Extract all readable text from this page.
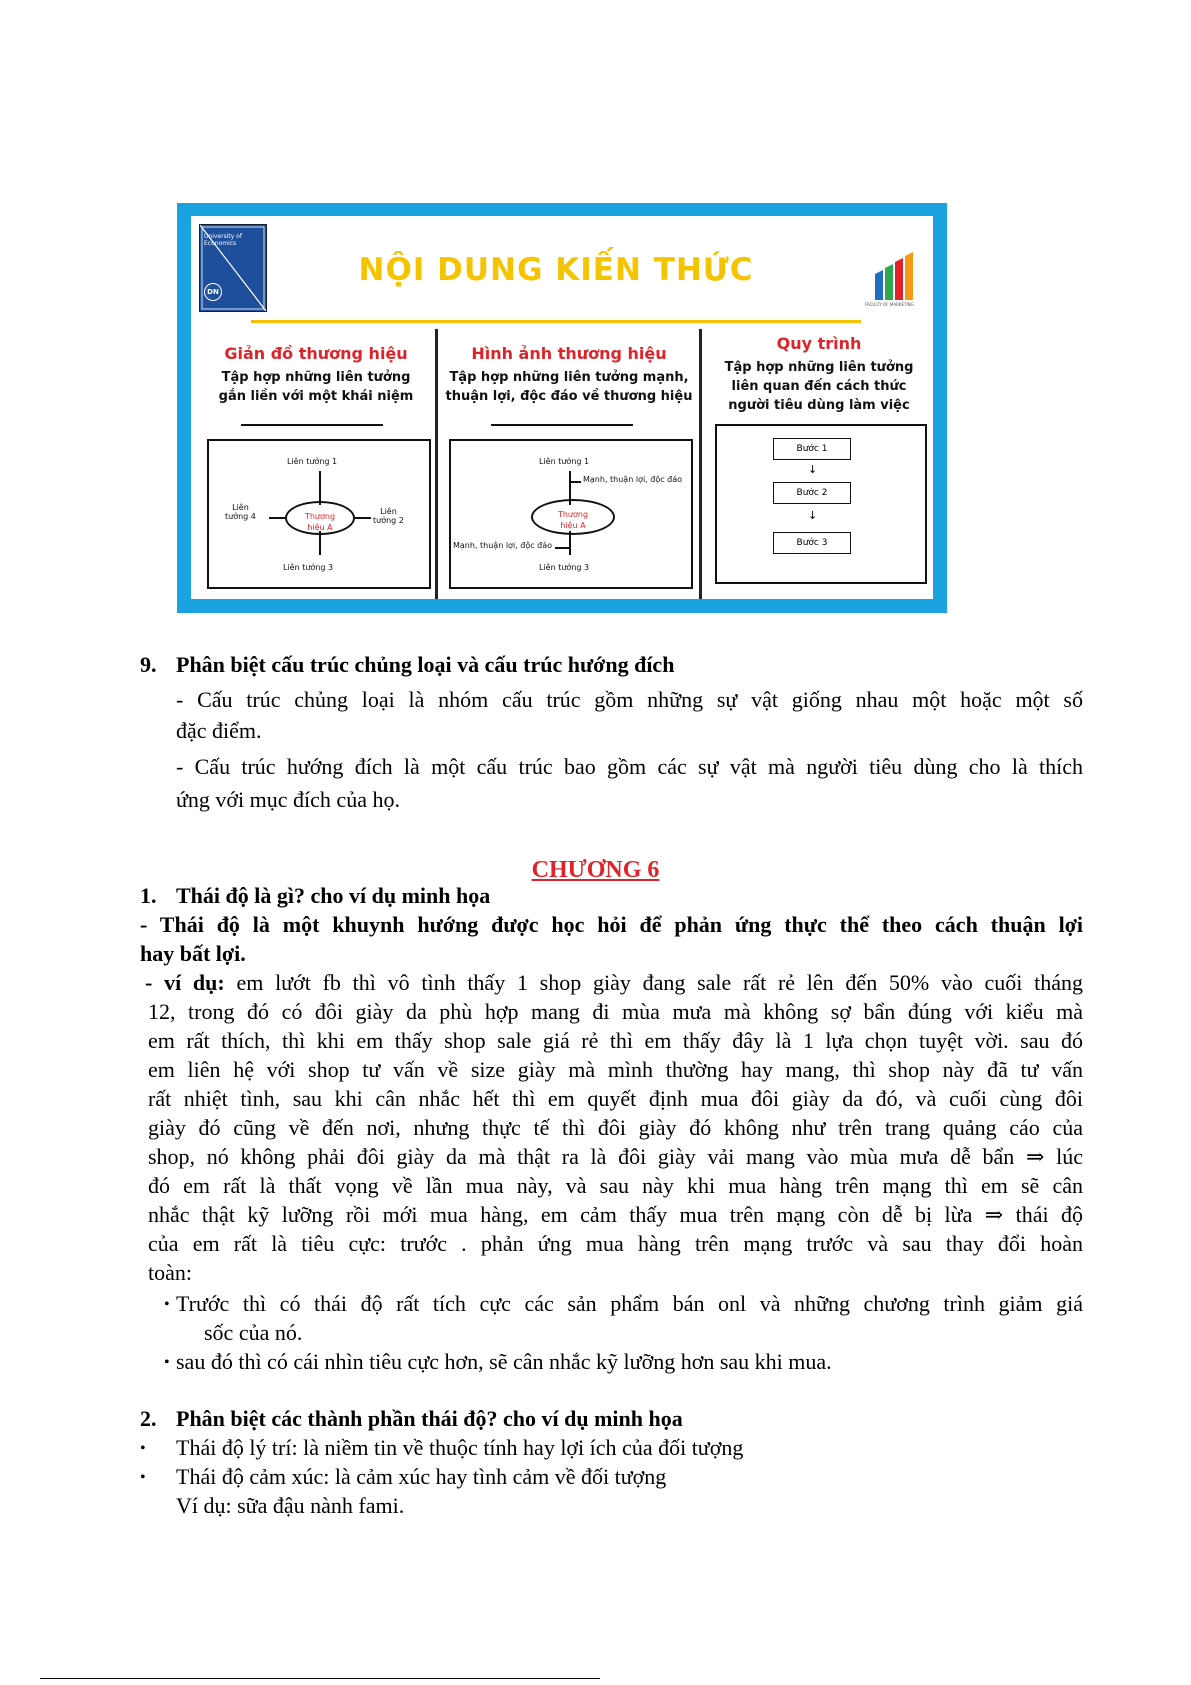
University of Economics
DN
NỘI DUNG KIẾN THỨC
FACULTY OF MARKETING
Giản đồ thương hiệu
Tập hợp những liên tưởng
gắn liền với một khái niệm
Liên tưởng 1
Thương
hiệu A
Liên
tưởng 4
Liên
tưởng 2
Liên tưởng 3
Hình ảnh thương hiệu
Tập hợp những liên tưởng mạnh,
thuận lợi, độc đáo về thương hiệu
Liên tưởng 1
Mạnh, thuận lợi, độc đáo
Thương
hiệu A
Mạnh, thuận lợi, độc đáo
Liên tưởng 3
Quy trình
Tập hợp những liên tưởng
liên quan đến cách thức
người tiêu dùng làm việc
Bước 1
↓
Bước 2
↓
Bước 3
9. Phân biệt cấu trúc chủng loại và cấu trúc hướng đích
- Cấu trúc chủng loại là nhóm cấu trúc gồm những sự vật giống nhau một hoặc một số
đặc điểm.
- Cấu trúc hướng đích là một cấu trúc bao gồm các sự vật mà người tiêu dùng cho là thích
ứng với mục đích của họ.
CHƯƠNG 6
1. Thái độ là gì? cho ví dụ minh họa
- Thái độ là một khuynh hướng được học hỏi để phản ứng thực thể theo cách thuận lợi
hay bất lợi.
- ví dụ: em lướt fb thì vô tình thấy 1 shop giày đang sale rất rẻ lên đến 50% vào cuối tháng
12, trong đó có đôi giày da phù hợp mang đi mùa mưa mà không sợ bẩn đúng với kiểu mà
em rất thích, thì khi em thấy shop sale giá rẻ thì em thấy đây là 1 lựa chọn tuyệt vời. sau đó
em liên hệ với shop tư vấn về size giày mà mình thường hay mang, thì shop này đã tư vấn
rất nhiệt tình, sau khi cân nhắc hết thì em quyết định mua đôi giày da đó, và cuối cùng đôi
giày đó cũng về đến nơi, nhưng thực tế thì đôi giày đó không như trên trang quảng cáo của
shop, nó không phải đôi giày da mà thật ra là đôi giày vải mang vào mùa mưa dễ bẩn ⇒ lúc
đó em rất là thất vọng về lần mua này, và sau này khi mua hàng trên mạng thì em sẽ cân
nhắc thật kỹ lưỡng rồi mới mua hàng, em cảm thấy mua trên mạng còn dễ bị lừa ⇒ thái độ
của em rất là tiêu cực: trước . phản ứng mua hàng trên mạng trước và sau thay đổi hoàn
toàn:
• Trước thì có thái độ rất tích cực các sản phẩm bán onl và những chương trình giảm giá
sốc của nó.
• sau đó thì có cái nhìn tiêu cực hơn, sẽ cân nhắc kỹ lưỡng hơn sau khi mua.
2. Phân biệt các thành phần thái độ? cho ví dụ minh họa
• Thái độ lý trí: là niềm tin về thuộc tính hay lợi ích của đối tượng
• Thái độ cảm xúc: là cảm xúc hay tình cảm về đối tượng
Ví dụ: sữa đậu nành fami.
